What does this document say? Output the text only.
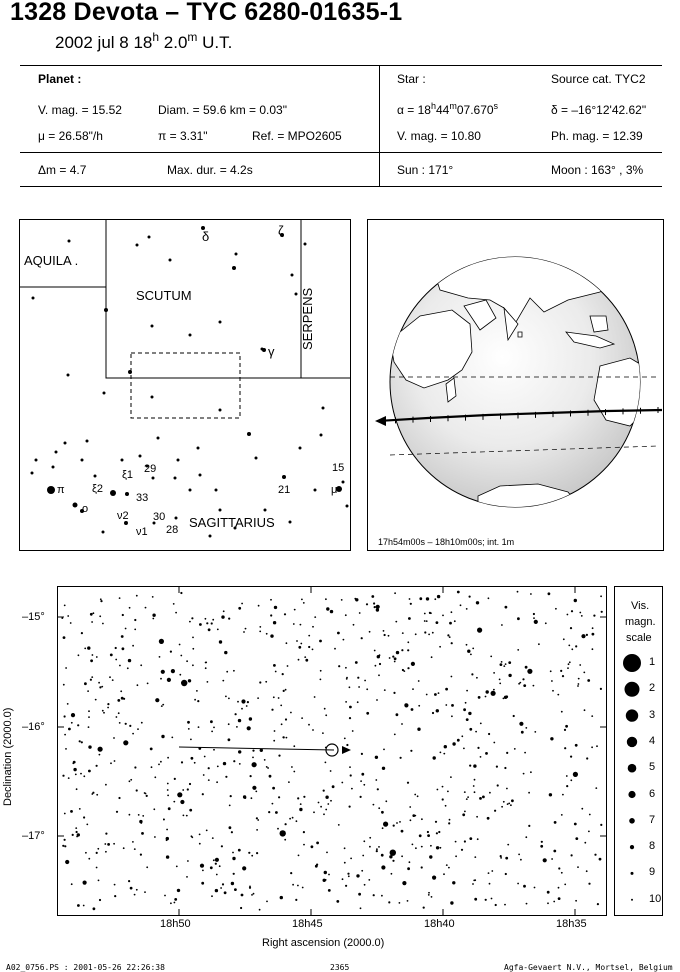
1328 Devota – TYC 6280-01635-1
2002 jul 8 18$^h$ 2.0$^m$ U.T.
Planet :
V. mag. = 15.52	Diam. = 59.6 km = 0.03"
μ = 26.58"/h	π = 3.31"	Ref. = MPO2605
Star :	Source cat. TYC2
$\alpha = 18^h44^m07.670^s$	δ = –16°12'42.62"
V. mag. = 10.80	Ph. mag. = 12.39
Δm = 4.7	Max. dur. = 4.2s	Sun : 171°	Moon : 163° , 3%
AQUILA .
SCUTUM	SERPENS
SAGITTARIUS
δ	ζ
γ
ξ1
ξ2
π
o
ν2
ν1
μ
29
33
30
28
21
15
17h54m00s – 18h10m00s; int. 1m
–15°
–16°
–17°
18h50	18h45	18h40	18h35
Declination (2000.0)
Right ascension (2000.0)
Vis.
magn.
scale
1
2
3
4
5
6
7
8
9
10
A02_0756.PS : 2001-05-26 22:26:38	2365	Agfa-Gevaert N.V., Mortsel, Belgium
